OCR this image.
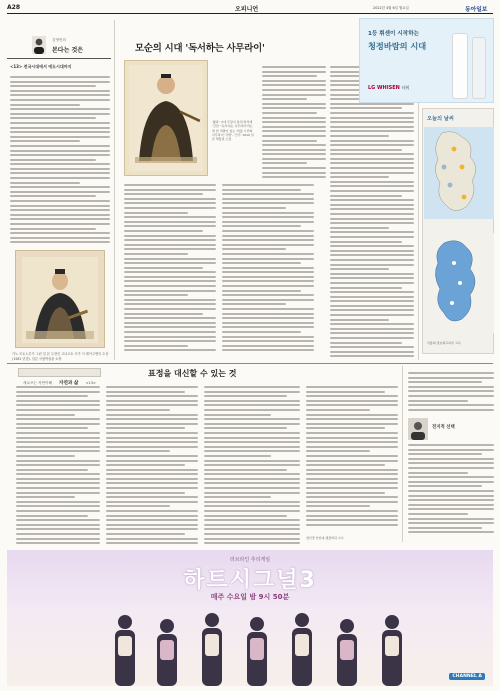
A28	오피니언	2022년 4월 6일 월요일	동아일보
김영민의
본다는 것은
<13> 전국시대에서 에도시대까지
가노 모토노부가 그린 일 본 무장인 고녀오토 사카 이 레이고엔의 초상(1582 년경). 일본 국립박물관 소장
모순의 시대 '독서하는 사무라이'
'왕과' 시대 무장이 통치 방식에 '건전' '독서'하는 사무라이'라는 말 한 처방이 있는 '비틀 시련의 사무라이 '국방', '건주' 1610 일본 박물관 소장
1등 휘센이 시작하는
청정바람의 시대
LG WHISEN 타워
오늘의 날씨
서울의 정보와고하루 고수
새로쓰는 자연이해 자연과 삶 <13>
표정을 대신할 수 있는 것
정인경 인천대 생물학과 교수
전지적 선택
러브라인 추리게임
하트시그널3
매주 수요일 밤 9시 50분
CHANNEL A
